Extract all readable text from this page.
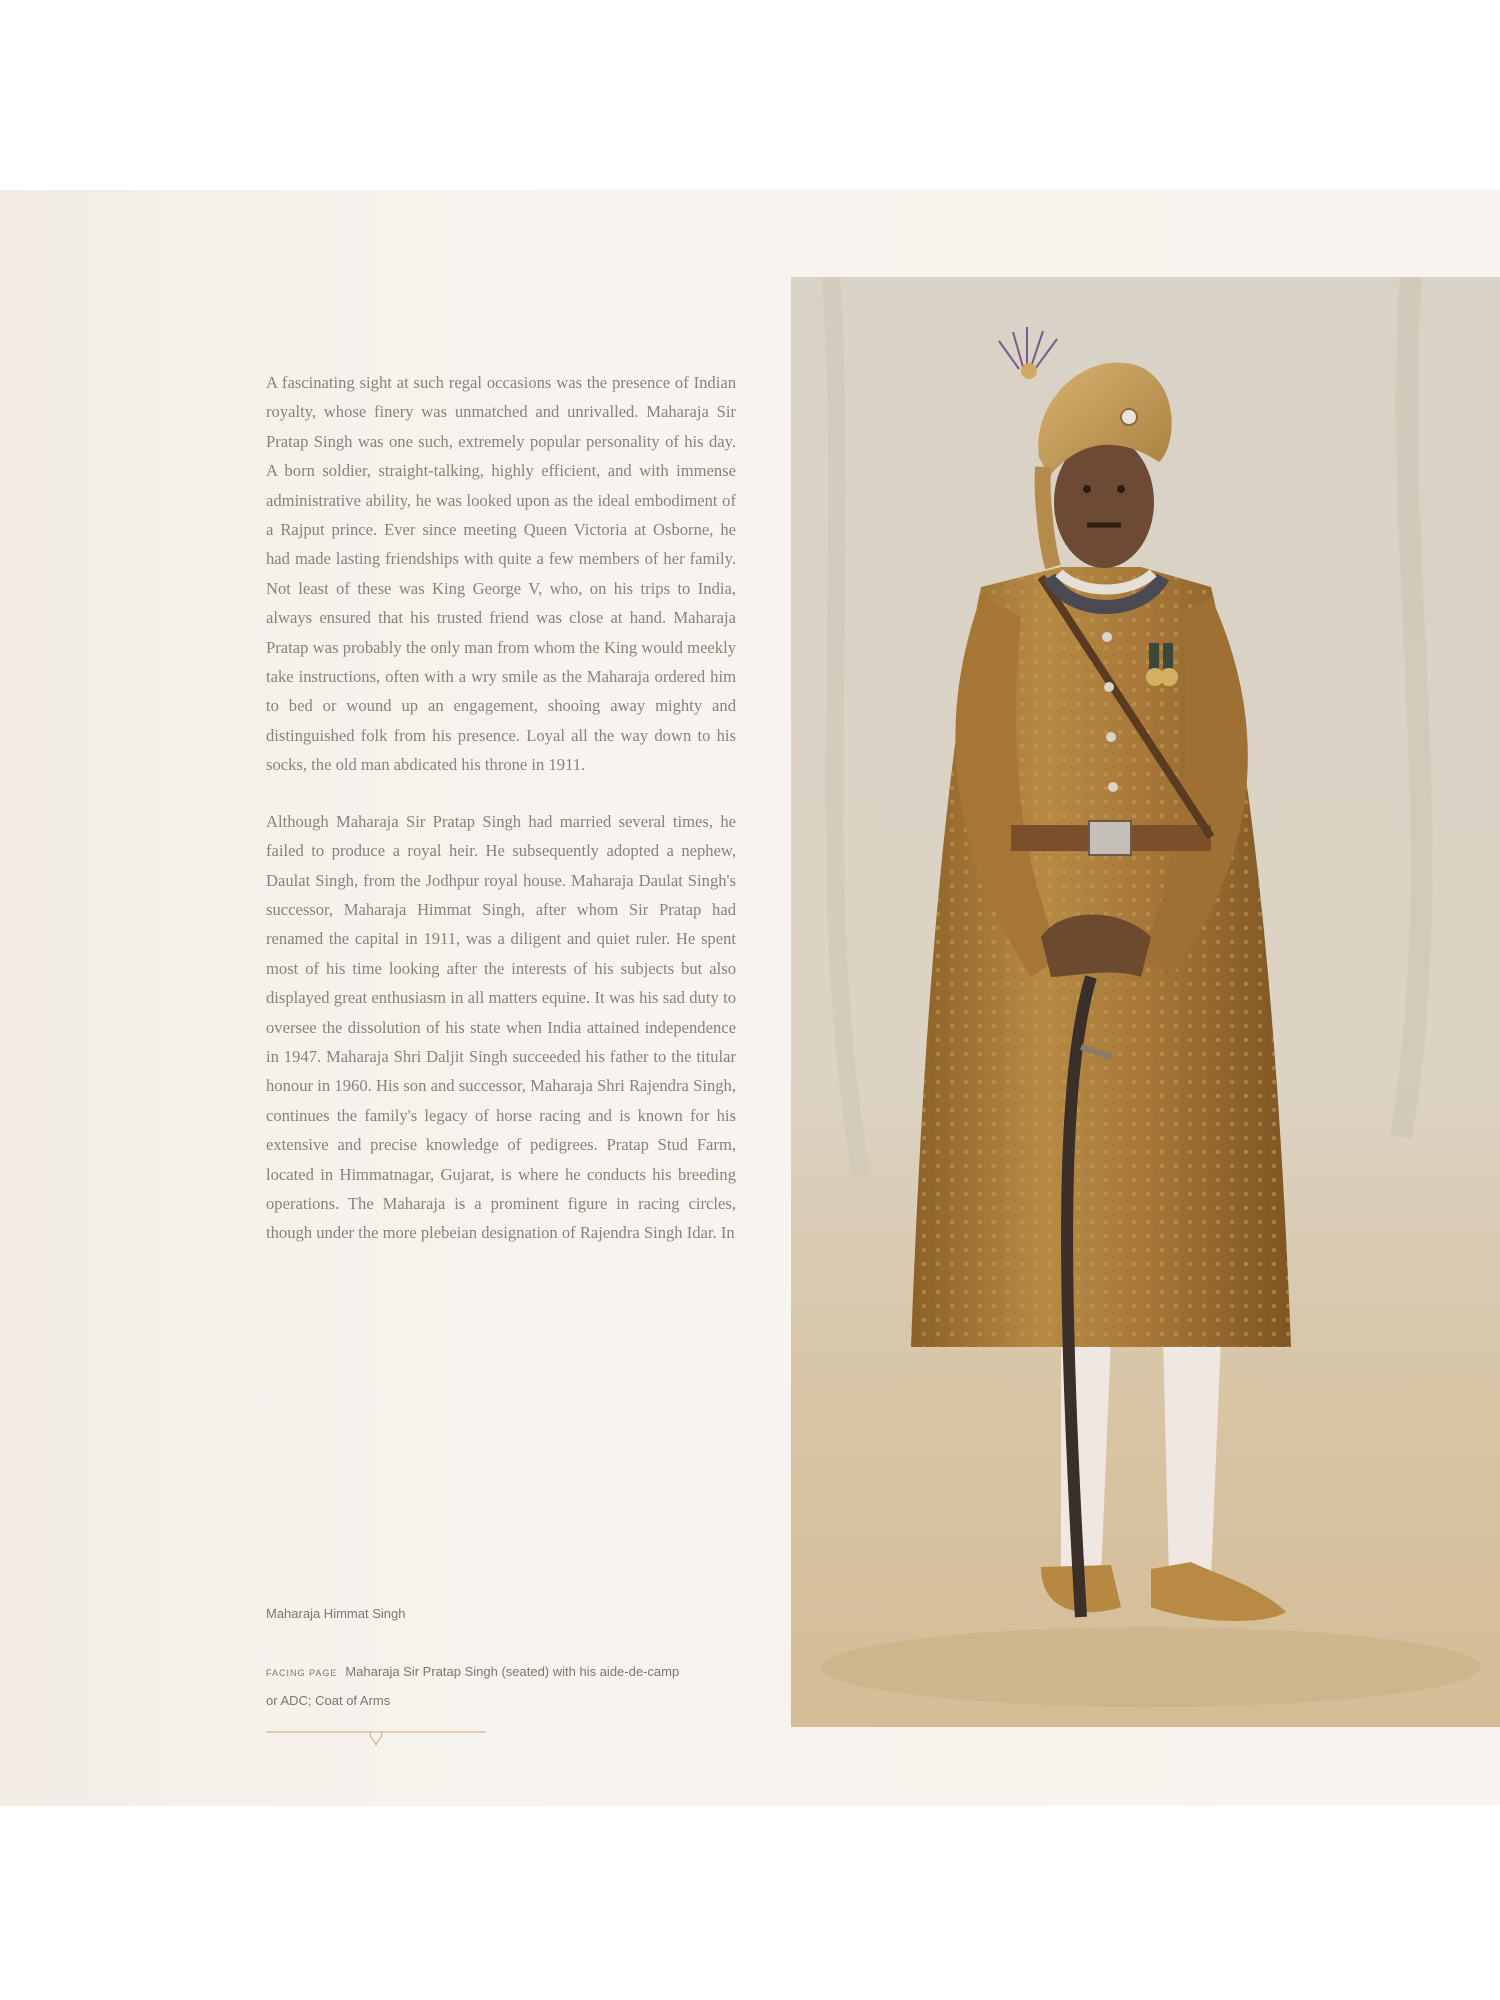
A fascinating sight at such regal occasions was the presence of Indian royalty, whose finery was unmatched and unrivalled. Maharaja Sir Pratap Singh was one such, extremely popular personality of his day. A born soldier, straight-talking, highly efficient, and with immense administrative ability, he was looked upon as the ideal embodiment of a Rajput prince. Ever since meeting Queen Victoria at Osborne, he had made lasting friendships with quite a few members of her family. Not least of these was King George V, who, on his trips to India, always ensured that his trusted friend was close at hand. Maharaja Pratap was probably the only man from whom the King would meekly take instructions, often with a wry smile as the Maharaja ordered him to bed or wound up an engagement, shooing away mighty and distinguished folk from his presence. Loyal all the way down to his socks, the old man abdicated his throne in 1911.

Although Maharaja Sir Pratap Singh had married several times, he failed to produce a royal heir. He subsequently adopted a nephew, Daulat Singh, from the Jodhpur royal house. Maharaja Daulat Singh's successor, Maharaja Himmat Singh, after whom Sir Pratap had renamed the capital in 1911, was a diligent and quiet ruler. He spent most of his time looking after the interests of his subjects but also displayed great enthusiasm in all matters equine. It was his sad duty to oversee the dissolution of his state when India attained independence in 1947. Maharaja Shri Daljit Singh succeeded his father to the titular honour in 1960. His son and successor, Maharaja Shri Rajendra Singh, continues the family's legacy of horse racing and is known for his extensive and precise knowledge of pedigrees. Pratap Stud Farm, located in Himmatnagar, Gujarat, is where he conducts his breeding operations. The Maharaja is a prominent figure in racing circles, though under the more plebeian designation of Rajendra Singh Idar. In

Maharaja Himmat Singh
FACING PAGE Maharaja Sir Pratap Singh (seated) with his aide-de-camp or ADC; Coat of Arms
